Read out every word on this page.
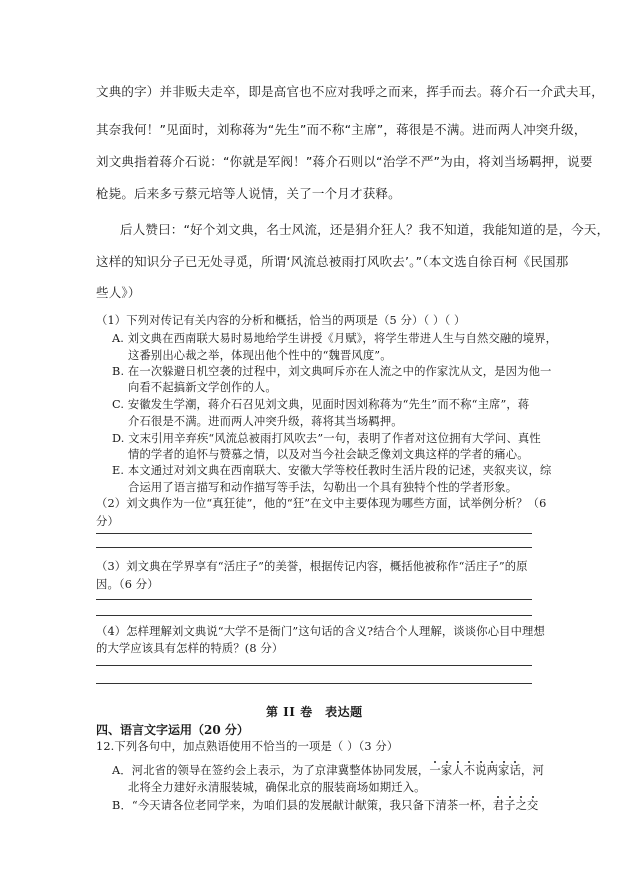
文典的字）并非贩夫走卒，即是高官也不应对我呼之而来，挥手而去。蒋介石一介武夫耳，
其奈我何！”见面时，刘称蒋为“先生”而不称“主席”，蒋很是不满。进而两人冲突升级，
刘文典指着蒋介石说：“你就是军阀！”蒋介石则以“治学不严”为由，将刘当场羁押，说要
枪毙。后来多亏蔡元培等人说情，关了一个月才获释。
后人赞曰：“好个刘文典，名士风流，还是狷介狂人？我不知道，我能知道的是，今天，
这样的知识分子已无处寻觅，所谓‘风流总被雨打风吹去’。”（本文选自徐百柯《民国那
些人》）
（1）下列对传记有关内容的分析和概括，恰当的两项是（5 分）（ ）（ ）
A. 刘文典在西南联大易时易地给学生讲授《月赋》，将学生带进人生与自然交融的境界，
这番别出心裁之举，体现出他个性中的“魏晋风度”。
B. 在一次躲避日机空袭的过程中，刘文典呵斥亦在人流之中的作家沈从文，是因为他一
向看不起搞新文学创作的人。
C. 安徽发生学潮，蒋介石召见刘文典，见面时因刘称蒋为“先生”而不称“主席”，蒋
介石很是不满。进而两人冲突升级，蒋将其当场羁押。
D. 文末引用辛弃疾“风流总被雨打风吹去”一句，表明了作者对这位拥有大学问、真性
情的学者的追怀与赞慕之情，以及对当今社会缺乏像刘文典这样的学者的痛心。
E. 本文通过对刘文典在西南联大、安徽大学等校任教时生活片段的记述，夹叙夹议，综
合运用了语言描写和动作描写等手法，勾勒出一个具有独特个性的学者形象。
（2）刘文典作为一位“真狂徒”，他的“狂”在文中主要体现为哪些方面，试举例分析？（6
分）
（3）刘文典在学界享有“活庄子”的美誉，根据传记内容，概括他被称作“活庄子”的原
因。（6 分）
（4）怎样理解刘文典说“大学不是衙门”这句话的含义?结合个人理解，谈谈你心目中理想
的大学应该具有怎样的特质？(8 分）
第 II 卷　表达题
四、语言文字运用（20 分）
12.下列各句中，加点熟语使用不恰当的一项是（ ）（3 分）
A．河北省的领导在签约会上表示，为了京津冀整体协同发展，一家人不说两家话，河
北将全力建好永清服装城，确保北京的服装商场如期迁入。
B．“今天请各位老同学来，为咱们县的发展献计献策，我只备下清茶一杯，君子之交
